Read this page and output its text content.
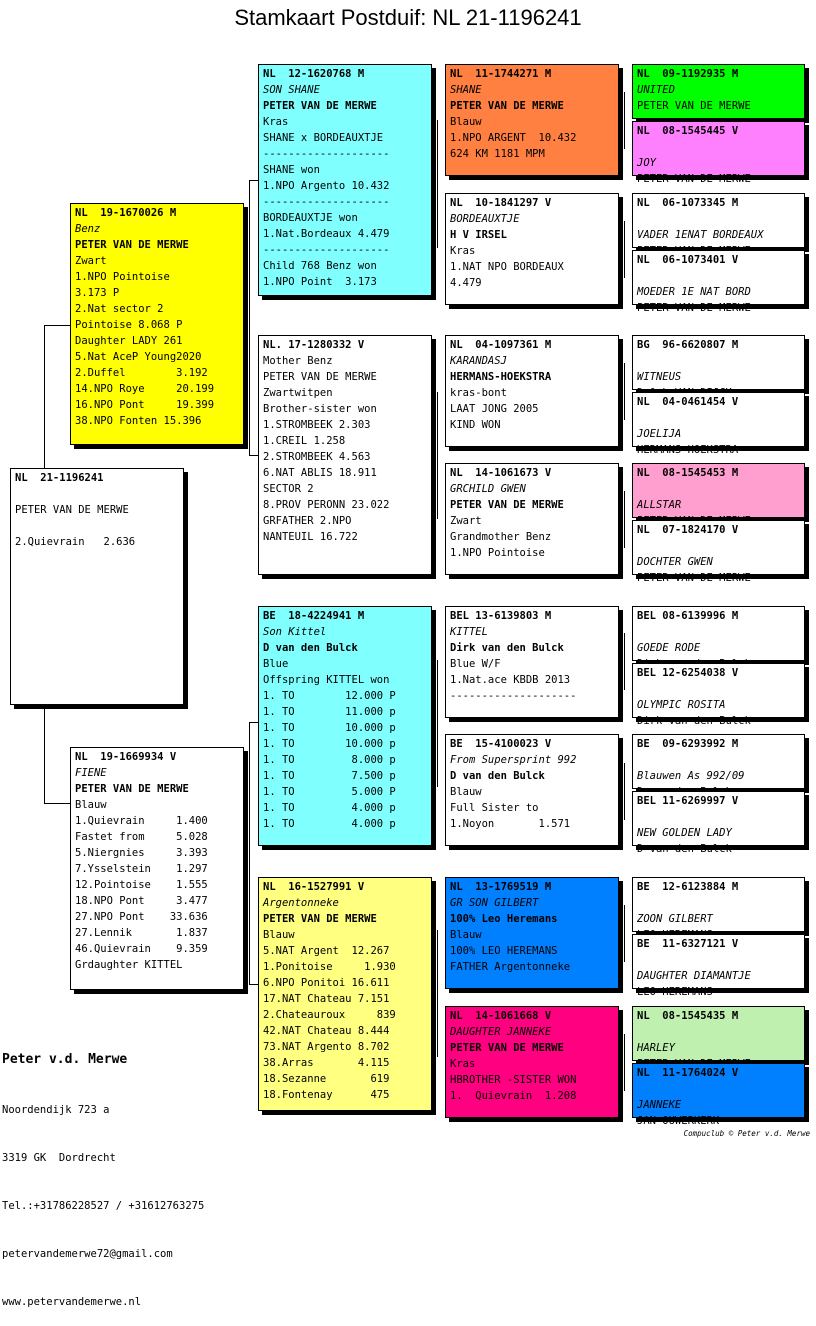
Stamkaart Postduif: NL 21-1196241
NL  21-1196241

PETER VAN DE MERWE

2.Quievrain   2.636
NL  19-1670026 M
Benz
PETER VAN DE MERWE
Zwart
1.NPO Pointoise
3.173 P
2.Nat sector 2
Pointoise 8.068 P
Daughter LADY 261
5.Nat AceP Young2020
2.Duffel        3.192
14.NPO Roye     20.199
16.NPO Pont     19.399
38.NPO Fonten 15.396
NL  19-1669934 V
FIENE
PETER VAN DE MERWE
Blauw
1.Quievrain     1.400
Fastet from     5.028
5.Niergnies     3.393
7.Ysselstein    1.297
12.Pointoise    1.555
18.NPO Pont     3.477
27.NPO Pont    33.636
27.Lennik       1.837
46.Quievrain    9.359
Grdaughter KITTEL
NL  12-1620768 M
SON SHANE
PETER VAN DE MERWE
Kras
SHANE x BORDEAUXTJE
--------------------
SHANE won
1.NPO Argento 10.432
--------------------
BORDEAUXTJE won
1.Nat.Bordeaux 4.479
--------------------
Child 768 Benz won
1.NPO Point  3.173
NL. 17-1280332 V
Mother Benz
PETER VAN DE MERWE
Zwartwitpen
Brother-sister won
1.STROMBEEK 2.303
1.CREIL 1.258
2.STROMBEEK 4.563
6.NAT ABLIS 18.911
SECTOR 2
8.PROV PERONN 23.022
GRFATHER 2.NPO
NANTEUIL 16.722
BE  18-4224941 M
Son Kittel
D van den Bulck
Blue
Offspring KITTEL won
1. TO        12.000 P
1. TO        11.000 p
1. TO        10.000 p
1. TO        10.000 p
1. TO         8.000 p
1. TO         7.500 p
1. TO         5.000 P
1. TO         4.000 p
1. TO         4.000 p
NL  16-1527991 V
Argentonneke
PETER VAN DE MERWE
Blauw
5.NAT Argent  12.267
1.Ponitoise     1.930
6.NPO Ponitoi 16.611
17.NAT Chateau 7.151
2.Chateauroux     839
42.NAT Chateau 8.444
73.NAT Argento 8.702
38.Arras       4.115
18.Sezanne       619
18.Fontenay      475
NL  11-1744271 M
SHANE
PETER VAN DE MERWE
Blauw
1.NPO ARGENT  10.432
624 KM 1181 MPM
NL  10-1841297 V
BORDEAUXTJE
H V IRSEL
Kras
1.NAT NPO BORDEAUX
4.479
NL  04-1097361 M
KARANDASJ
HERMANS-HOEKSTRA
kras-bont
LAAT JONG 2005
KIND WON
NL  14-1061673 V
GRCHILD GWEN
PETER VAN DE MERWE
Zwart
Grandmother Benz
1.NPO Pointoise
BEL 13-6139803 M
KITTEL
Dirk van den Bulck
Blue W/F
1.Nat.ace KBDB 2013
--------------------
BE  15-4100023 V
From Supersprint 992
D van den Bulck
Blauw
Full Sister to
1.Noyon       1.571
NL  13-1769519 M
GR SON GILBERT
100% Leo Heremans
Blauw
100% LEO HEREMANS
FATHER Argentonneke
NL  14-1061668 V
DAUGHTER JANNEKE
PETER VAN DE MERWE
Kras
HBROTHER -SISTER WON
1.  Quievrain  1.208
NL  09-1192935 M
UNITED
PETER VAN DE MERWE
NL  08-1545445 V

JOY
PETER VAN DE MERWE
NL  06-1073345 M

VADER 1ENAT BORDEAUX
NL  06-1073401 V

MOEDER 1E NAT BORD
PETER VAN DE MERWE
BG  96-6620807 M

WITNEUS
NL  04-0461454 V

JOELIJA
HERMANS-HOEKSTRA
NL  08-1545453 M

ALLSTAR
NL  07-1824170 V

DOCHTER GWEN
PETER VAN DE MERWE
BEL 08-6139996 M

GOEDE RODE
BEL 12-6254038 V

OLYMPIC ROSITA
Dirk van den Bulck
BE  09-6293992 M

Blauwen As 992/09
BEL 11-6269997 V

NEW GOLDEN LADY
D van den Bulck
BE  12-6123884 M

ZOON GILBERT
BE  11-6327121 V

DAUGHTER DIAMANTJE
LEO HEREMANS
NL  08-1545435 M

HARLEY
NL  11-1764024 V

JANNEKE
JAN OUWERKERK

Peter v.d. Merwe

Noordendijk 723 a

3319 GK  Dordrecht

Tel.:+31786228527 / +31612763275

petervandemerwe72@gmail.com

www.petervandemerwe.nl

Compuclub © Peter v.d. Merwe
